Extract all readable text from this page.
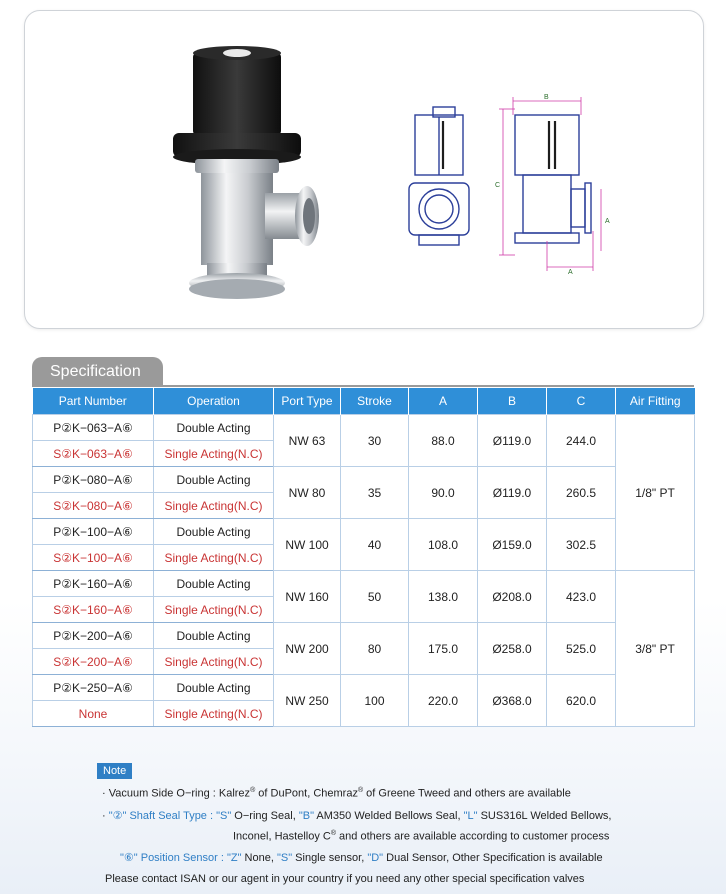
B
C
A
A
Specification
Part Number	Operation	Port Type	Stroke	A	B	C	Air Fitting
P②K−063−A⑥	Double Acting	NW 63	30	88.0	Ø119.0	244.0	1/8" PT
S②K−063−A⑥	Single Acting(N.C)						
P②K−080−A⑥	Double Acting	NW 80	35	90.0	Ø119.0	260.5	
S②K−080−A⑥	Single Acting(N.C)						
P②K−100−A⑥	Double Acting	NW 100	40	108.0	Ø159.0	302.5	
S②K−100−A⑥	Single Acting(N.C)						
P②K−160−A⑥	Double Acting	NW 160	50	138.0	Ø208.0	423.0	3/8" PT
S②K−160−A⑥	Single Acting(N.C)						
P②K−200−A⑥	Double Acting	NW 200	80	175.0	Ø258.0	525.0	
S②K−200−A⑥	Single Acting(N.C)						
P②K−250−A⑥	Double Acting	NW 250	100	220.0	Ø368.0	620.0	
None	Single Acting(N.C)						
Note
· Vacuum Side O−ring : Kalrez® of DuPont, Chemraz® of Greene Tweed and others are available
· "②" Shaft Seal Type : "S" O−ring Seal, "B" AM350 Welded Bellows Seal, "L" SUS316L Welded Bellows,
Inconel, Hastelloy C® and others are available according to customer process
"⑥" Position Sensor : "Z" None, "S" Single sensor, "D" Dual Sensor, Other Specification is available
Please contact ISAN or our agent in your country if you need any other special specification valves
